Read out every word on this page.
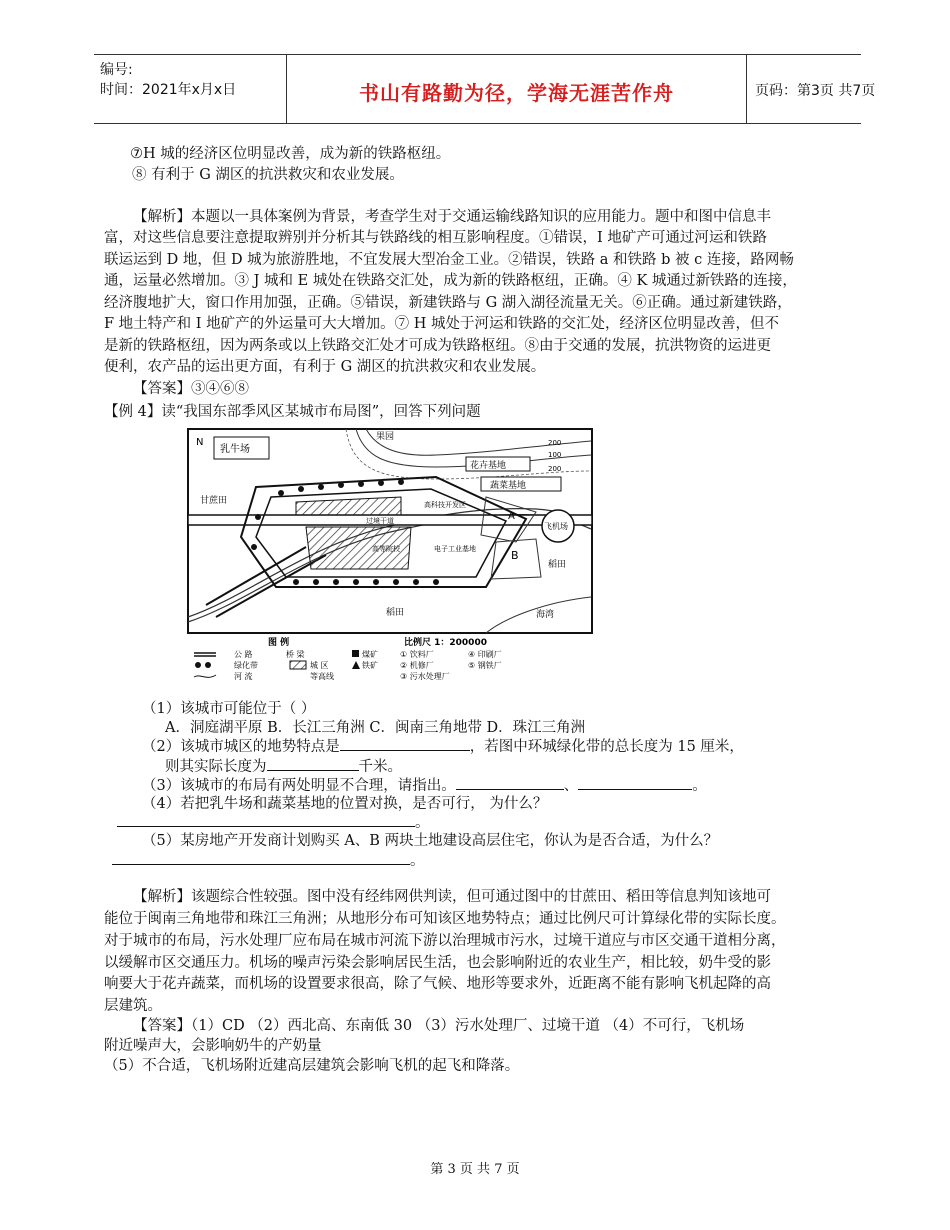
编号:
时间：2021年x月x日	书山有路勤为径，学海无涯苦作舟	页码：第3页 共7页
⑦H 城的经济区位明显改善，成为新的铁路枢纽。
⑧ 有利于 G 湖区的抗洪救灾和农业发展。
【解析】本题以一具体案例为背景，考查学生对于交通运输线路知识的应用能力。题中和图中信息丰
富，对这些信息要注意提取辨别并分析其与铁路线的相互影响程度。①错误，I 地矿产可通过河运和铁路
联运运到 D 地，但 D 城为旅游胜地，不宜发展大型冶金工业。②错误，铁路 a 和铁路 b 被 c 连接，路网畅
通，运量必然增加。③ J 城和 E 城处在铁路交汇处，成为新的铁路枢纽，正确。④ K 城通过新铁路的连接，
经济腹地扩大，窗口作用加强，正确。⑤错误，新建铁路与 G 湖入湖径流量无关。⑥正确。通过新建铁路，
F 地土特产和 I 地矿产的外运量可大大增加。⑦ H 城处于河运和铁路的交汇处，经济区位明显改善，但不
是新的铁路枢纽，因为两条或以上铁路交汇处才可成为铁路枢纽。⑧由于交通的发展，抗洪物资的运进更
便利，农产品的运出更方面，有利于 G 湖区的抗洪救灾和农业发展。
【答案】③④⑥⑧
【例 4】读“我国东部季风区某城市布局图”，回答下列问题
N
乳牛场
果园
200
100
200
花卉基地
蔬菜基地
甘蔗田	高科技开发区
过境干道
高等院校	电子工业基地
飞机场
A
B
稻田
稻田	海湾
图 例	比例尺 1：200000
公 路	桥 梁	煤矿	① 饮料厂	④ 印刷厂
绿化带	城 区	铁矿	② 机修厂	⑤ 钢铁厂
河 流	等高线	③ 污水处理厂
（1）该城市可能位于（ ）
A．洞庭湖平原 B．长江三角洲 C．闽南三角地带 D．珠江三角洲
（2）该城市城区的地势特点是	，若图中环城绿化带的总长度为 15 厘米，
则其实际长度为	千米。
（3）该城市的布局有两处明显不合理，请指出。	、	。
（4）若把乳牛场和蔬菜基地的位置对换，是否可行， 为什么？
。
（5）某房地产开发商计划购买 A、B 两块土地建设高层住宅，你认为是否合适，为什么？
。
【解析】该题综合性较强。图中没有经纬网供判读，但可通过图中的甘蔗田、稻田等信息判知该地可
能位于闽南三角地带和珠江三角洲；从地形分布可知该区地势特点；通过比例尺可计算绿化带的实际长度。
对于城市的布局，污水处理厂应布局在城市河流下游以治理城市污水，过境干道应与市区交通干道相分离，
以缓解市区交通压力。机场的噪声污染会影响居民生活，也会影响附近的农业生产，相比较，奶牛受的影
响要大于花卉蔬菜，而机场的设置要求很高，除了气候、地形等要求外，近距离不能有影响飞机起降的高
层建筑。
【答案】（1）CD （2）西北高、东南低 30 （3）污水处理厂、过境干道 （4）不可行，飞机场
附近噪声大，会影响奶牛的产奶量
（5）不合适，飞机场附近建高层建筑会影响飞机的起飞和降落。
第 3 页 共 7 页
